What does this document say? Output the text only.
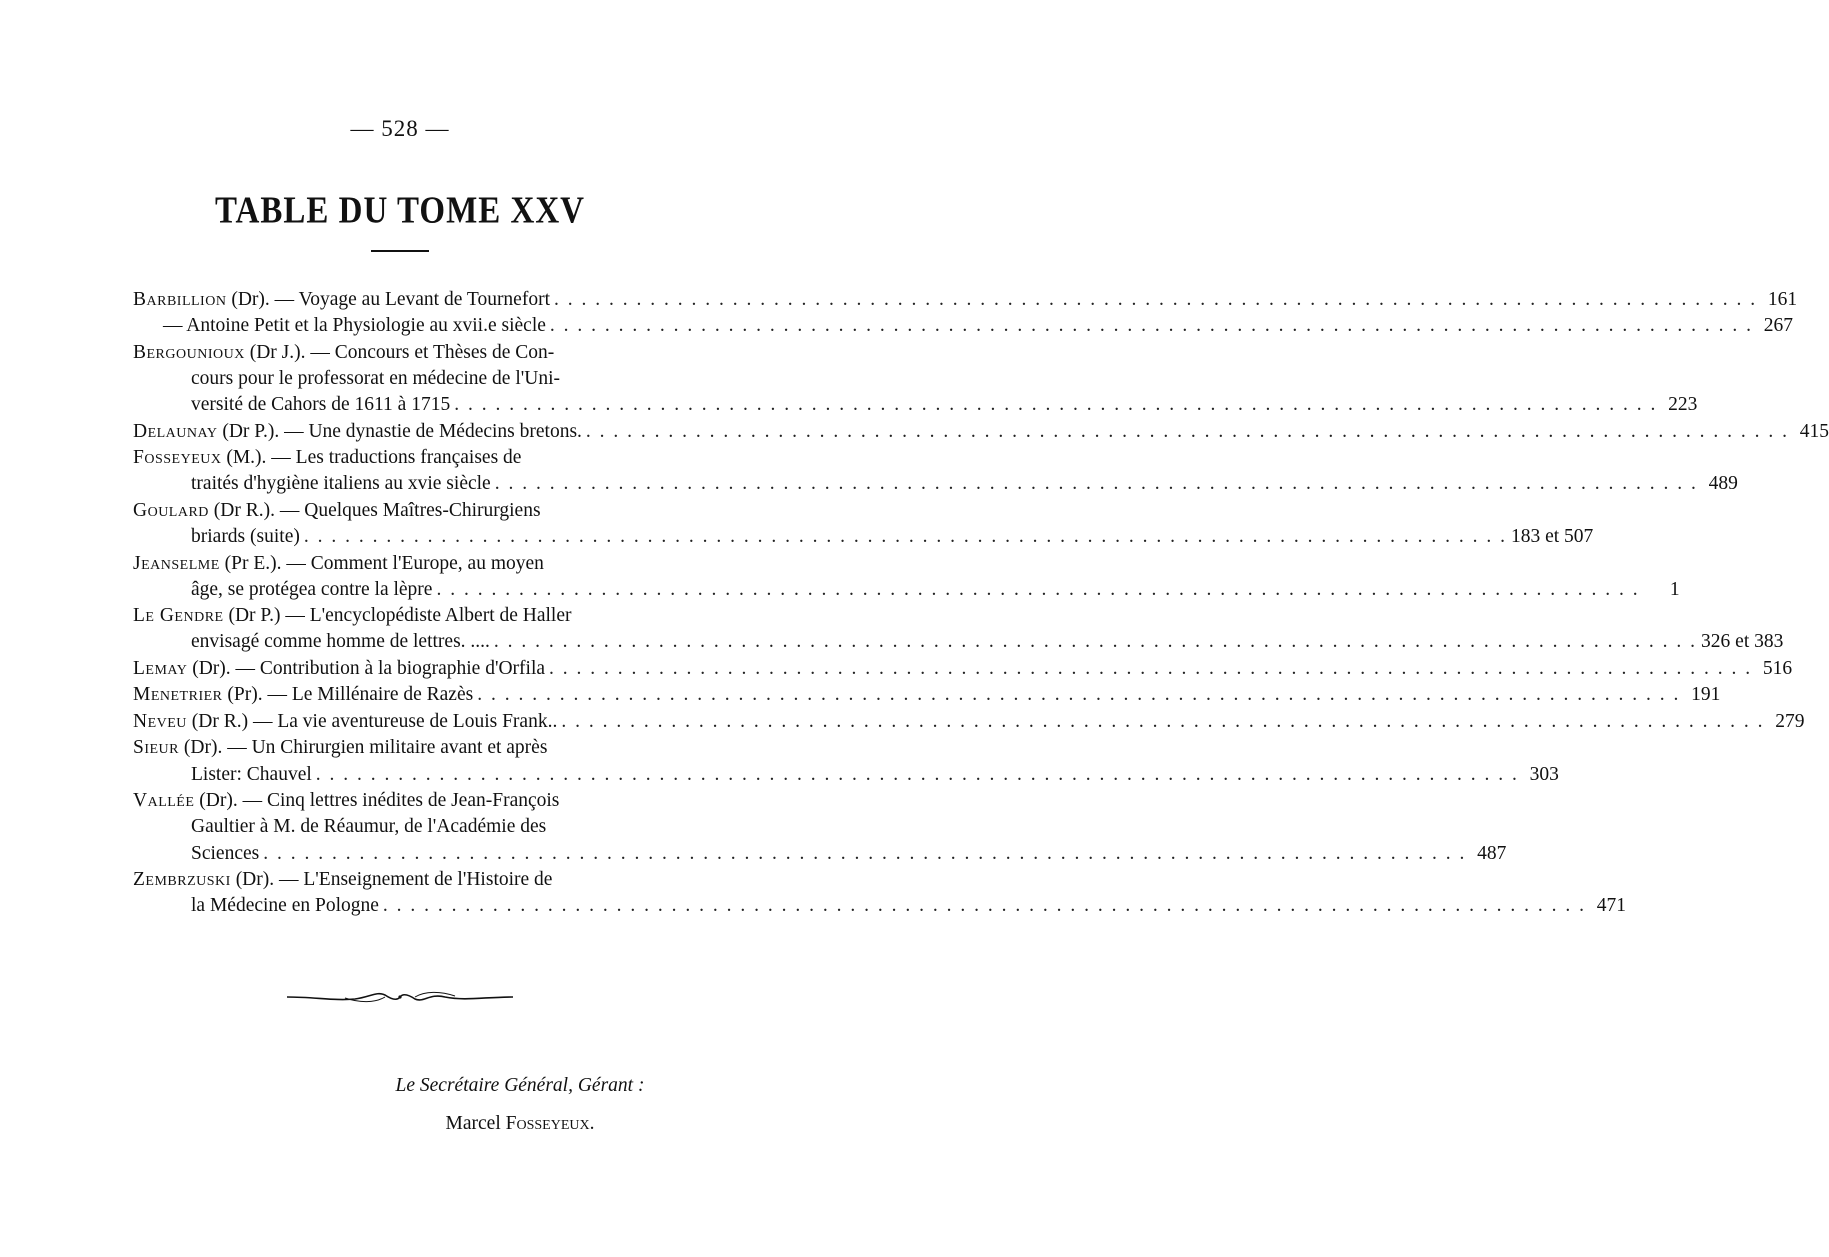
— 528 —
TABLE DU TOME XXV
Barbillion (Dr). — Voyage au Levant de Tournefort . . .	161
— Antoine Petit et la Physiologie au xvii.e siècle . . .	267
Bergounioux (Dr J.). — Concours et Thèses de Con-
cours pour le professorat en médecine de l'Uni-
versité de Cahors de 1611 à 1715 . . .	223
Delaunay (Dr P.). — Une dynastie de Médecins bretons. . . .	415
Fosseyeux (M.). — Les traductions françaises de
traités d'hygiène italiens au xvie siècle . . .	489
Goulard (Dr R.). — Quelques Maîtres-Chirurgiens
briards (suite) . . .	183 et 507
Jeanselme (Pr E.). — Comment l'Europe, au moyen
âge, se protégea contre la lèpre . . .	1
Le Gendre (Dr P.) — L'encyclopédiste Albert de Haller
envisagé comme homme de lettres. .... . . .	326 et 383
Lemay (Dr). — Contribution à la biographie d'Orfila . . .	516
Menetrier (Pr). — Le Millénaire de Razès . . .	191
Neveu (Dr R.) — La vie aventureuse de Louis Frank.. . . .	279
Sieur (Dr). — Un Chirurgien militaire avant et après
Lister: Chauvel . . .	303
Vallée (Dr). — Cinq lettres inédites de Jean-François
Gaultier à M. de Réaumur, de l'Académie des
Sciences . . .	487
Zembrzuski (Dr). — L'Enseignement de l'Histoire de
la Médecine en Pologne . . .	471
Le Secrétaire Général, Gérant :
Marcel Fosseyeux.
